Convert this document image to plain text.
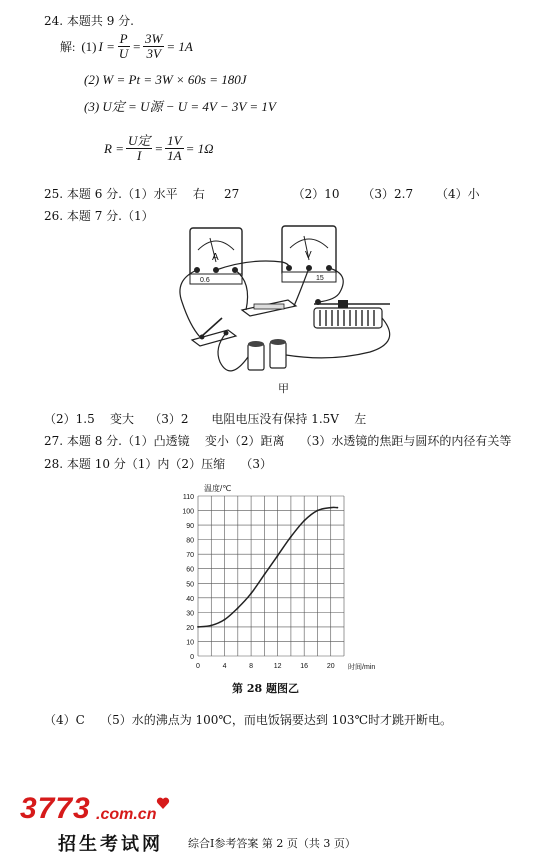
24. 本题共 9 分.
解: (1) $I = \frac{P}{U} = \frac{3W}{3V} = 1A$
(2) W = Pt = 3W × 60s = 180J
(3) U定 = U源 − U = 4V − 3V = 1V
$R = \frac{\text{U定}}{I} = \frac{1V}{1A} = 1\Omega$
25. 本题 6 分.（1）水平    右     27              （2）10      （3）2.7      （4）小
26. 本题 7 分.（1）
A
0.6
V
15
甲
（2）1.5    变大    （3）2      电阻电压没有保持 1.5V    左
27. 本题 8 分.（1）凸透镜    变小（2）距离    （3）水透镜的焦距与圆环的内径有关等
28. 本题 10 分（1）内（2）压缩    （3）
0
10
20
30
40
50
60
70
80
90
100
110
0	4	8	12	16	20
温度/℃
时间/min
第 28 题图乙
（4）C    （5）水的沸点为 100℃，而电饭锅要达到 103℃时才跳开断电。
3773 .com.cn
招生考试网 综合Ⅰ参考答案 第 2 页（共 3 页）
